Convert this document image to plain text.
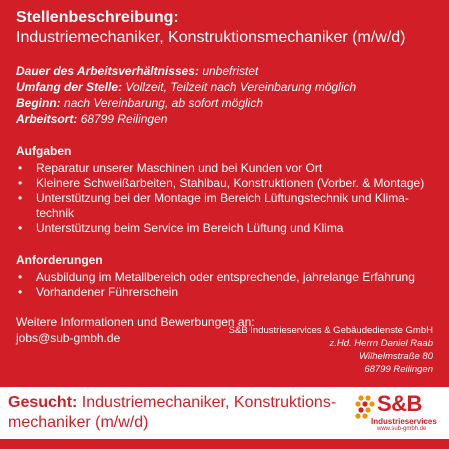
Stellenbeschreibung:
Industriemechaniker, Konstruktionsmechaniker (m/w/d)
Dauer des Arbeitsverhältnisses: unbefristet
Umfang der Stelle: Vollzeit, Teilzeit nach Vereinbarung möglich
Beginn: nach Vereinbarung, ab sofort möglich
Arbeitsort: 68799 Reilingen
Aufgaben
• Reparatur unserer Maschinen und bei Kunden vor Ort
• Kleinere Schweißarbeiten, Stahlbau, Konstruktionen (Vorber. & Montage)
• Unterstützung bei der Montage im Bereich Lüftungstechnik und Klima-technik
• Unterstützung beim Service im Bereich Lüftung und Klima
Anforderungen
• Ausbildung im Metallbereich oder entsprechende, jahrelange Erfahrung
• Vorhandener Führerschein
Weitere Informationen und Bewerbungen an:
jobs@sub-gmbh.de
S&B Industrieservices & Gebäudedienste GmbH
z.Hd. Herrn Daniel Raab
Wilhelmstraße 80
68799 Reilingen
Gesucht: Industriemechaniker, Konstruktions-mechaniker (m/w/d)
S&B
Industrieservices
www.sub-gmbh.de
